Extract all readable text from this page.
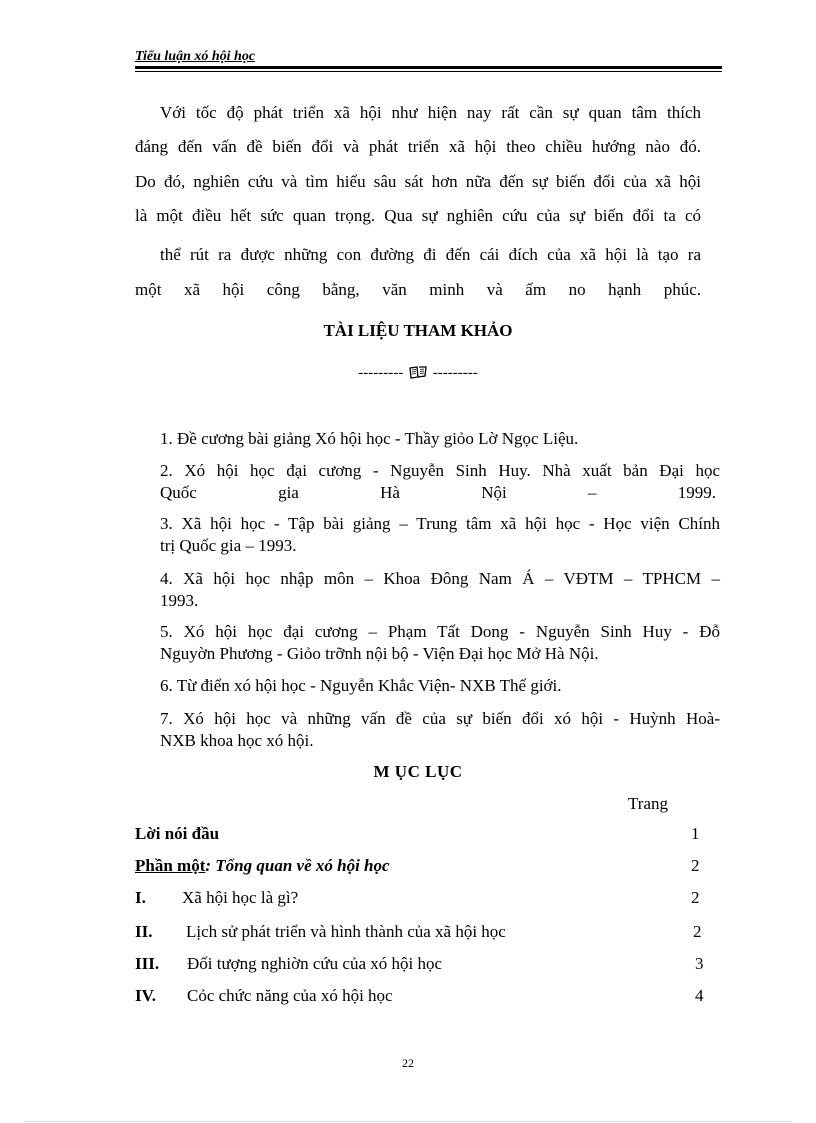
Tiểu luận xó hội học
Với tốc độ phát triển xã hội như hiện nay rất cần sự quan tâm thích
đáng đến vấn đề biến đổi và phát triển xã hội theo chiều hướng nào đó.
Do đó, nghiên cứu và tìm hiểu sâu sát hơn nữa đến sự biến đổi của xã hội
là một điều hết sức quan trọng. Qua sự nghiên cứu của sự biến đổi ta có
thể rút ra được những con đường đi đến cái đích của xã hội là tạo ra
một xã hội công bằng, văn minh và ấm no hạnh phúc.
TÀI LIỆU THAM KHẢO
--------- ---------
1. Đề cương bài giảng Xó hội học - Thầy giỏo Lờ Ngọc Liệu.
2. Xó hội học đại cương - Nguyễn Sinh Huy. Nhà xuất bản Đại học
Quốc gia Hà Nội – 1999.
3. Xã hội học - Tập bài giảng – Trung tâm xã hội học - Học viện Chính
trị Quốc gia – 1993.
4. Xã hội học nhập môn – Khoa Đông Nam Á – VĐTM – TPHCM –
1993.
5. Xó hội học đại cương – Phạm Tất Dong - Nguyễn Sinh Huy - Đỗ
Nguyờn Phương - Giỏo trỡnh nội bộ - Viện Đại học Mở Hà Nội.
6. Từ điển xó hội học - Nguyễn Khắc Viện- NXB Thế giới.
7. Xó hội học và những vấn đề của sự biến đổi xó hội - Huỳnh Hoà-
NXB khoa học xó hội.
M ỤC LỤC
Trang
Lời nói đầu	1
Phần một: Tổng quan về xó hội học	2
I. Xã hội học là gì?	2
II. Lịch sử phát triển và hình thành của xã hội học	2
III. Đối tượng nghiờn cứu của xó hội học	3
IV. Cỏc chức năng của xó hội học	4
22
